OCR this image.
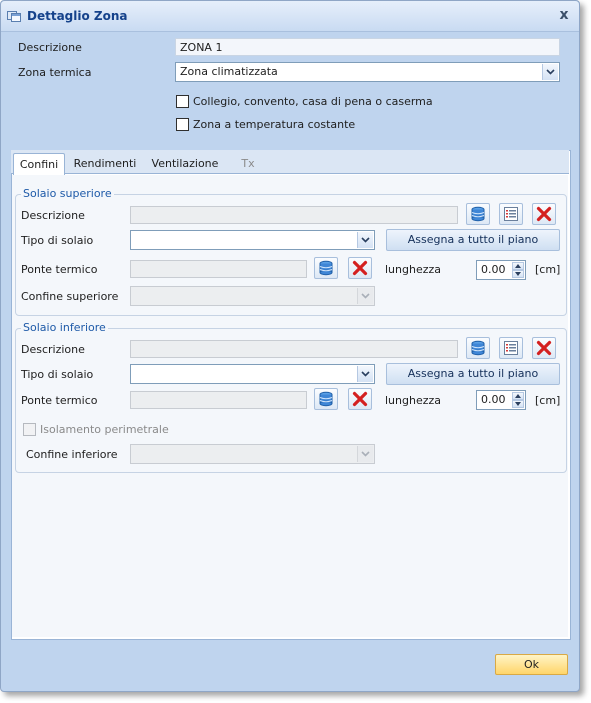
Dettaglio Zona	x
Descrizione	ZONA 1
Zona termica	Zona climatizzata
Collegio, convento, casa di pena o caserma
Zona a temperatura costante
Confini	Rendimenti Ventilazione	Tx
Solaio superiore
Descrizione
Tipo di solaio	Assegna a tutto il piano
Ponte termico	lunghezza	0.00	[cm]
Confine superiore
Solaio inferiore
Descrizione
Tipo di solaio	Assegna a tutto il piano
Ponte termico	lunghezza	0.00	[cm]
Isolamento perimetrale
Confine inferiore
Ok
